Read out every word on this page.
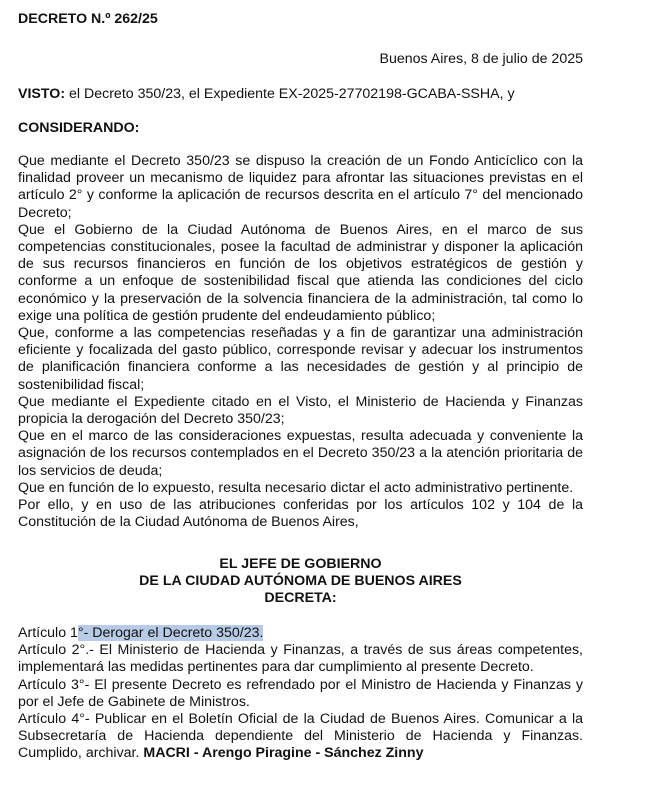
DECRETO N.º 262/25
Buenos Aires, 8 de julio de 2025
VISTO: el Decreto 350/23, el Expediente EX-2025-27702198-GCABA-SSHA, y
CONSIDERANDO:

Que mediante el Decreto 350/23 se dispuso la creación de un Fondo Anticíclico con la finalidad proveer un mecanismo de liquidez para afrontar las situaciones previstas en el artículo 2° y conforme la aplicación de recursos descrita en el artículo 7° del mencionado Decreto;

Que el Gobierno de la Ciudad Autónoma de Buenos Aires, en el marco de sus competencias constitucionales, posee la facultad de administrar y disponer la aplicación de sus recursos financieros en función de los objetivos estratégicos de gestión y conforme a un enfoque de sostenibilidad fiscal que atienda las condiciones del ciclo económico y la preservación de la solvencia financiera de la administración, tal como lo exige una política de gestión prudente del endeudamiento público;

Que, conforme a las competencias reseñadas y a fin de garantizar una administración eficiente y focalizada del gasto público, corresponde revisar y adecuar los instrumentos de planificación financiera conforme a las necesidades de gestión y al principio de sostenibilidad fiscal;

Que mediante el Expediente citado en el Visto, el Ministerio de Hacienda y Finanzas propicia la derogación del Decreto 350/23;

Que en el marco de las consideraciones expuestas, resulta adecuada y conveniente la asignación de los recursos contemplados en el Decreto 350/23 a la atención prioritaria de los servicios de deuda;

Que en función de lo expuesto, resulta necesario dictar el acto administrativo pertinente.

Por ello, y en uso de las atribuciones conferidas por los artículos 102 y 104 de la Constitución de la Ciudad Autónoma de Buenos Aires,

EL JEFE DE GOBIERNO
DE LA CIUDAD AUTÓNOMA DE BUENOS AIRES
DECRETA:

Artículo 1°- Derogar el Decreto 350/23.

Artículo 2°.- El Ministerio de Hacienda y Finanzas, a través de sus áreas competentes, implementará las medidas pertinentes para dar cumplimiento al presente Decreto.

Artículo 3°- El presente Decreto es refrendado por el Ministro de Hacienda y Finanzas y por el Jefe de Gabinete de Ministros.

Artículo 4°- Publicar en el Boletín Oficial de la Ciudad de Buenos Aires. Comunicar a la Subsecretaría de Hacienda dependiente del Ministerio de Hacienda y Finanzas. Cumplido, archivar. MACRI - Arengo Piragine - Sánchez Zinny
